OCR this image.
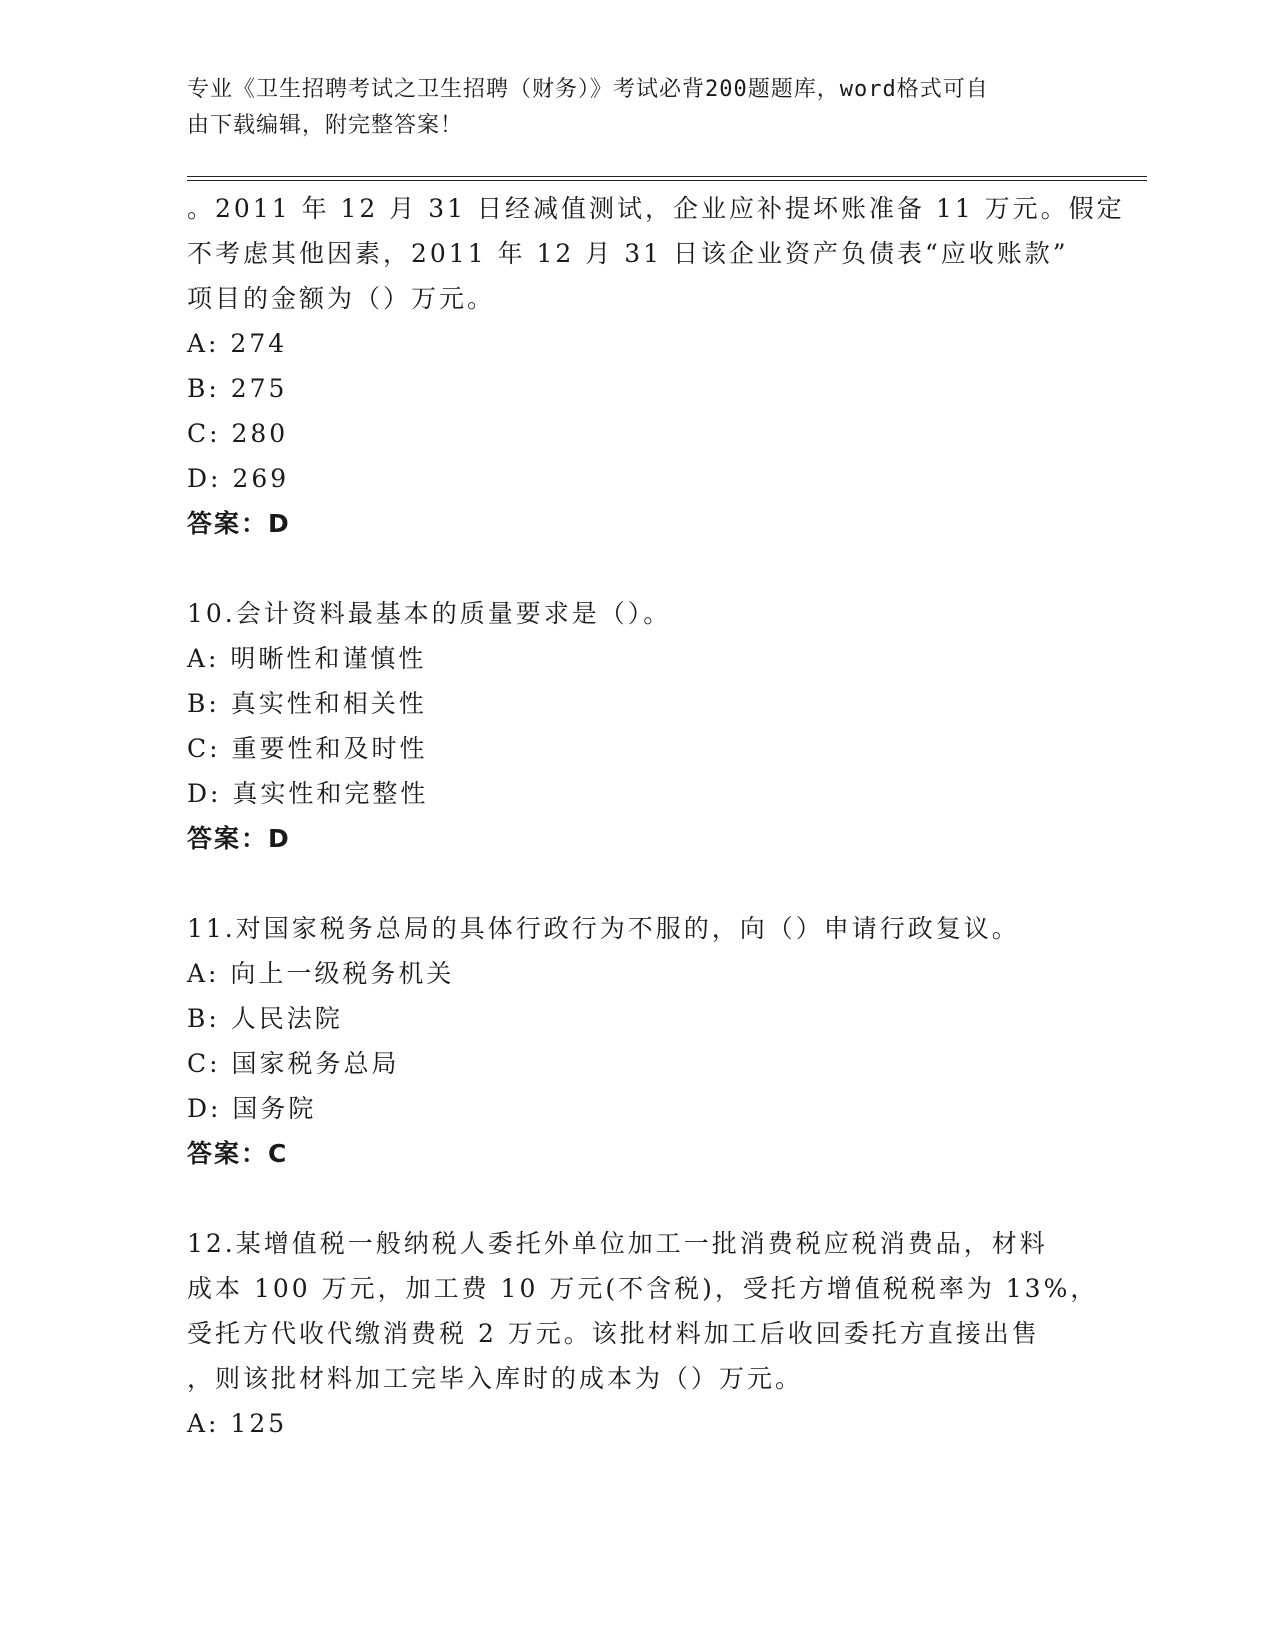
专业《卫生招聘考试之卫生招聘（财务）》考试必背200题题库，word格式可自
由下载编辑，附完整答案！
。2011 年 12 月 31 日经减值测试，企业应补提坏账准备 11 万元。假定
不考虑其他因素，2011 年 12 月 31 日该企业资产负债表“应收账款”
项目的金额为（）万元。
A: 274
B: 275
C: 280
D: 269
答案：D
10.会计资料最基本的质量要求是（）。
A: 明晰性和谨慎性
B: 真实性和相关性
C: 重要性和及时性
D: 真实性和完整性
答案：D
11.对国家税务总局的具体行政行为不服的，向（）申请行政复议。
A: 向上一级税务机关
B: 人民法院
C: 国家税务总局
D: 国务院
答案：C
12.某增值税一般纳税人委托外单位加工一批消费税应税消费品，材料
成本 100 万元，加工费 10 万元(不含税)，受托方增值税税率为 13%，
受托方代收代缴消费税 2 万元。该批材料加工后收回委托方直接出售
，则该批材料加工完毕入库时的成本为（）万元。
A: 125
